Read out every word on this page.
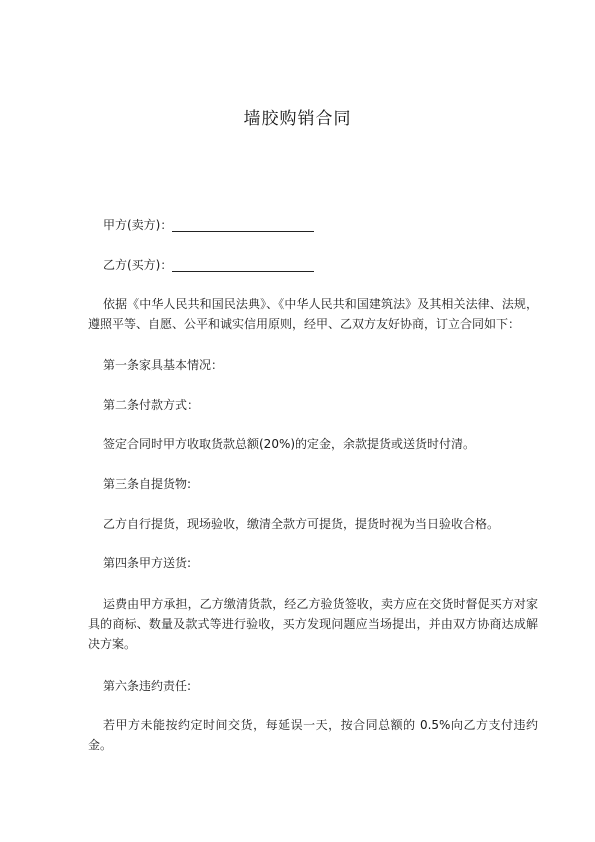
墙胶购销合同
甲方(卖方)：
乙方(买方)：
依据《中华人民共和国民法典》、《中华人民共和国建筑法》及其相关法律、法规，遵照平等、自愿、公平和诚实信用原则，经甲、乙双方友好协商，订立合同如下：
第一条家具基本情况：
第二条付款方式：
签定合同时甲方收取货款总额(20%)的定金，余款提货或送货时付清。
第三条自提货物:
乙方自行提货，现场验收，缴清全款方可提货，提货时视为当日验收合格。
第四条甲方送货:
运费由甲方承担，乙方缴清货款，经乙方验货签收，卖方应在交货时督促买方对家具的商标、数量及款式等进行验收，买方发现问题应当场提出，并由双方协商达成解决方案。
第六条违约责任:
若甲方未能按约定时间交货，每延误一天，按合同总额的 0.5%向乙方支付违约金。
